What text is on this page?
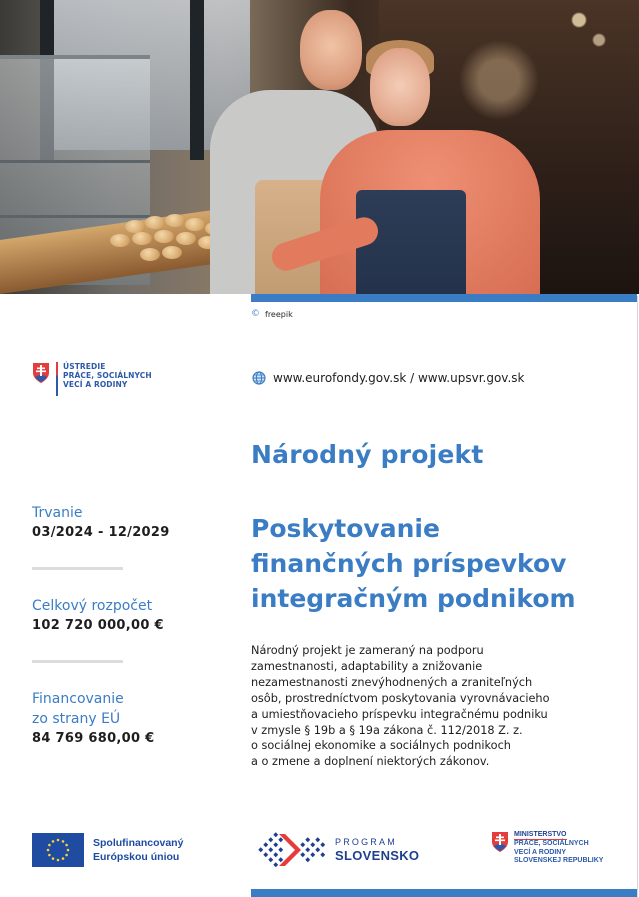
© freepik
ÚSTREDIE
PRÁCE, SOCIÁLNYCH
VECÍ A RODINY	www.eurofondy.gov.sk / www.upsvr.gov.sk
Národný projekt
Poskytovanie
finančných príspevkov
integračným podnikom
Trvanie
03/2024 - 12/2029
Celkový rozpočet
102 720 000,00 €
Financovanie
zo strany EÚ
84 769 680,00 €
Národný projekt je zameraný na podporu
zamestnanosti, adaptability a znižovanie
nezamestnanosti znevýhodnených a zraniteľných
osôb, prostredníctvom poskytovania vyrovnávacieho
a umiestňovacieho príspevku integračnému podniku
v zmysle § 19b a § 19a zákona č. 112/2018 Z. z.
o sociálnej ekonomike a sociálnych podnikoch
a o zmene a doplnení niektorých zákonov.
Spolufinancovaný
Európskou úniou
PROGRAM
SLOVENSKO
MINISTERSTVO
PRÁCE, SOCIÁLNYCH
VECÍ A RODINY
SLOVENSKEJ REPUBLIKY
